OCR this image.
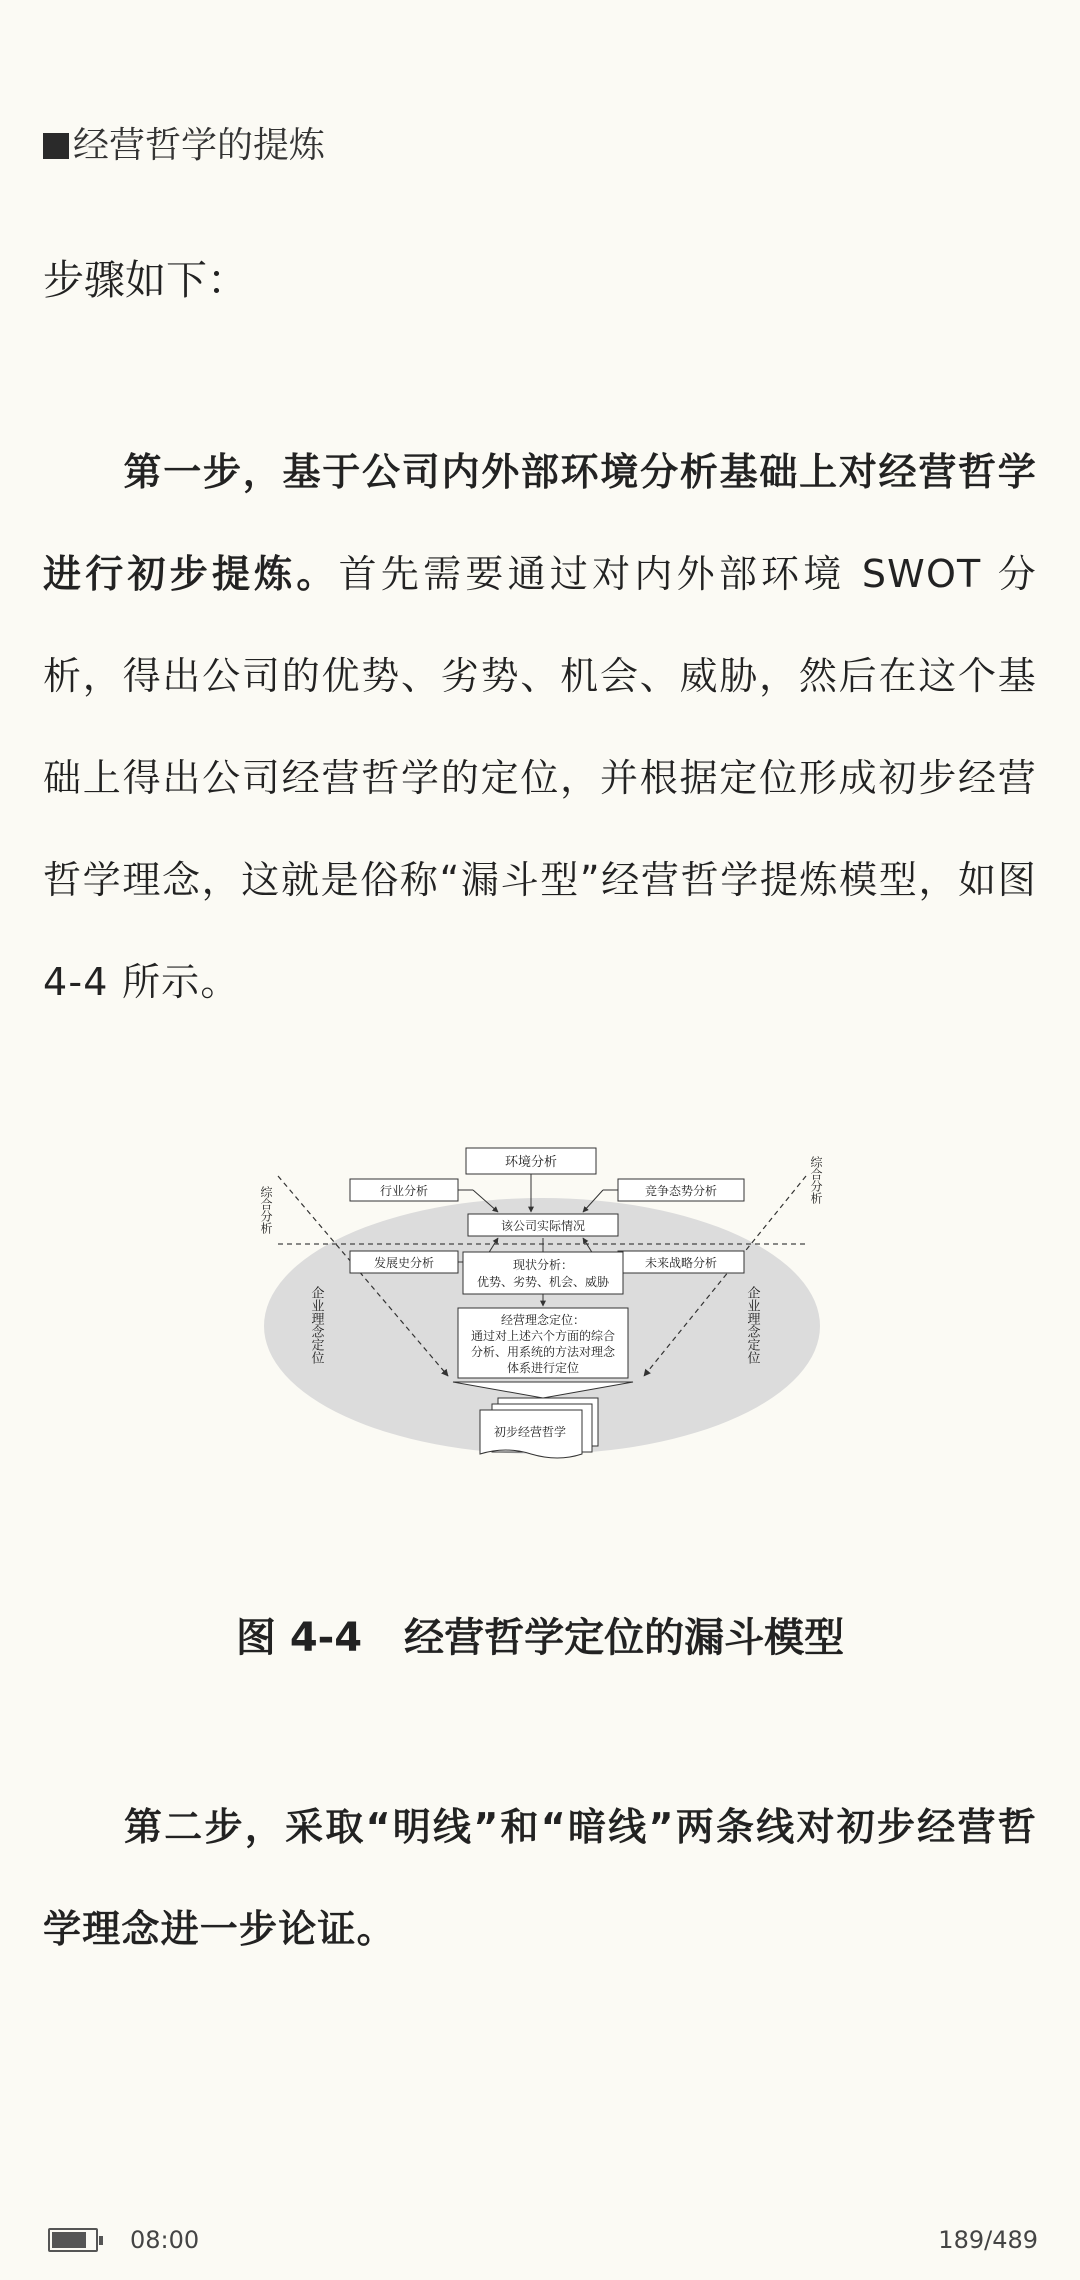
经营哲学的提炼
步骤如下：
第一步，基于公司内外部环境分析基础上对经营哲学进行初步提炼。首先需要通过对内外部环境 SWOT 分析，得出公司的优势、劣势、机会、威胁，然后在这个基础上得出公司经营哲学的定位，并根据定位形成初步经营哲学理念，这就是俗称“漏斗型”经营哲学提炼模型，如图 4-4 所示。
环境分析
行业分析	竞争态势分析
该公司实际情况
发展史分析	未来战略分析
现状分析：
优势、劣势、机会、威胁
经营理念定位：
通过对上述六个方面的综合
分析、用系统的方法对理念
体系进行定位
初步经营哲学
综合分析
综合分析
企业理念定位	企业理念定位
图 4-4 经营哲学定位的漏斗模型
第二步，采取“明线”和“暗线”两条线对初步经营哲学理念进一步论证。
08:00	189/489
